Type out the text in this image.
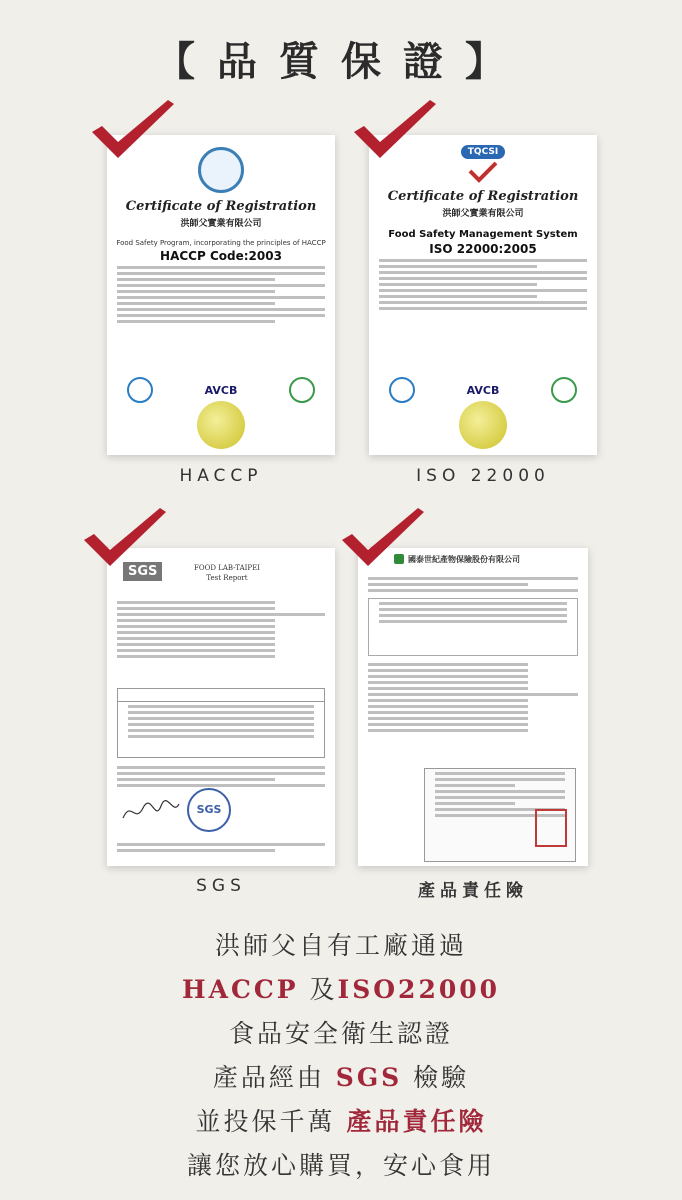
【品質保證】
Certificate of Registration
洪師父實業有限公司
Food Safety Program, incorporating the principles of HACCP
HACCP Code:2003
AVCB
HACCP
TQCSI
Certificate of Registration
洪師父實業有限公司
Food Safety Management System
ISO 22000:2005
AVCB
ISO 22000
SGS	FOOD LAB-TAIPEI
Test Report
SGS
SGS
國泰世紀產物保險股份有限公司
產品責任險
洪師父自有工廠通過
HACCP 及ISO22000
食品安全衛生認證
產品經由 SGS 檢驗
並投保千萬 產品責任險
讓您放心購買，安心食用
